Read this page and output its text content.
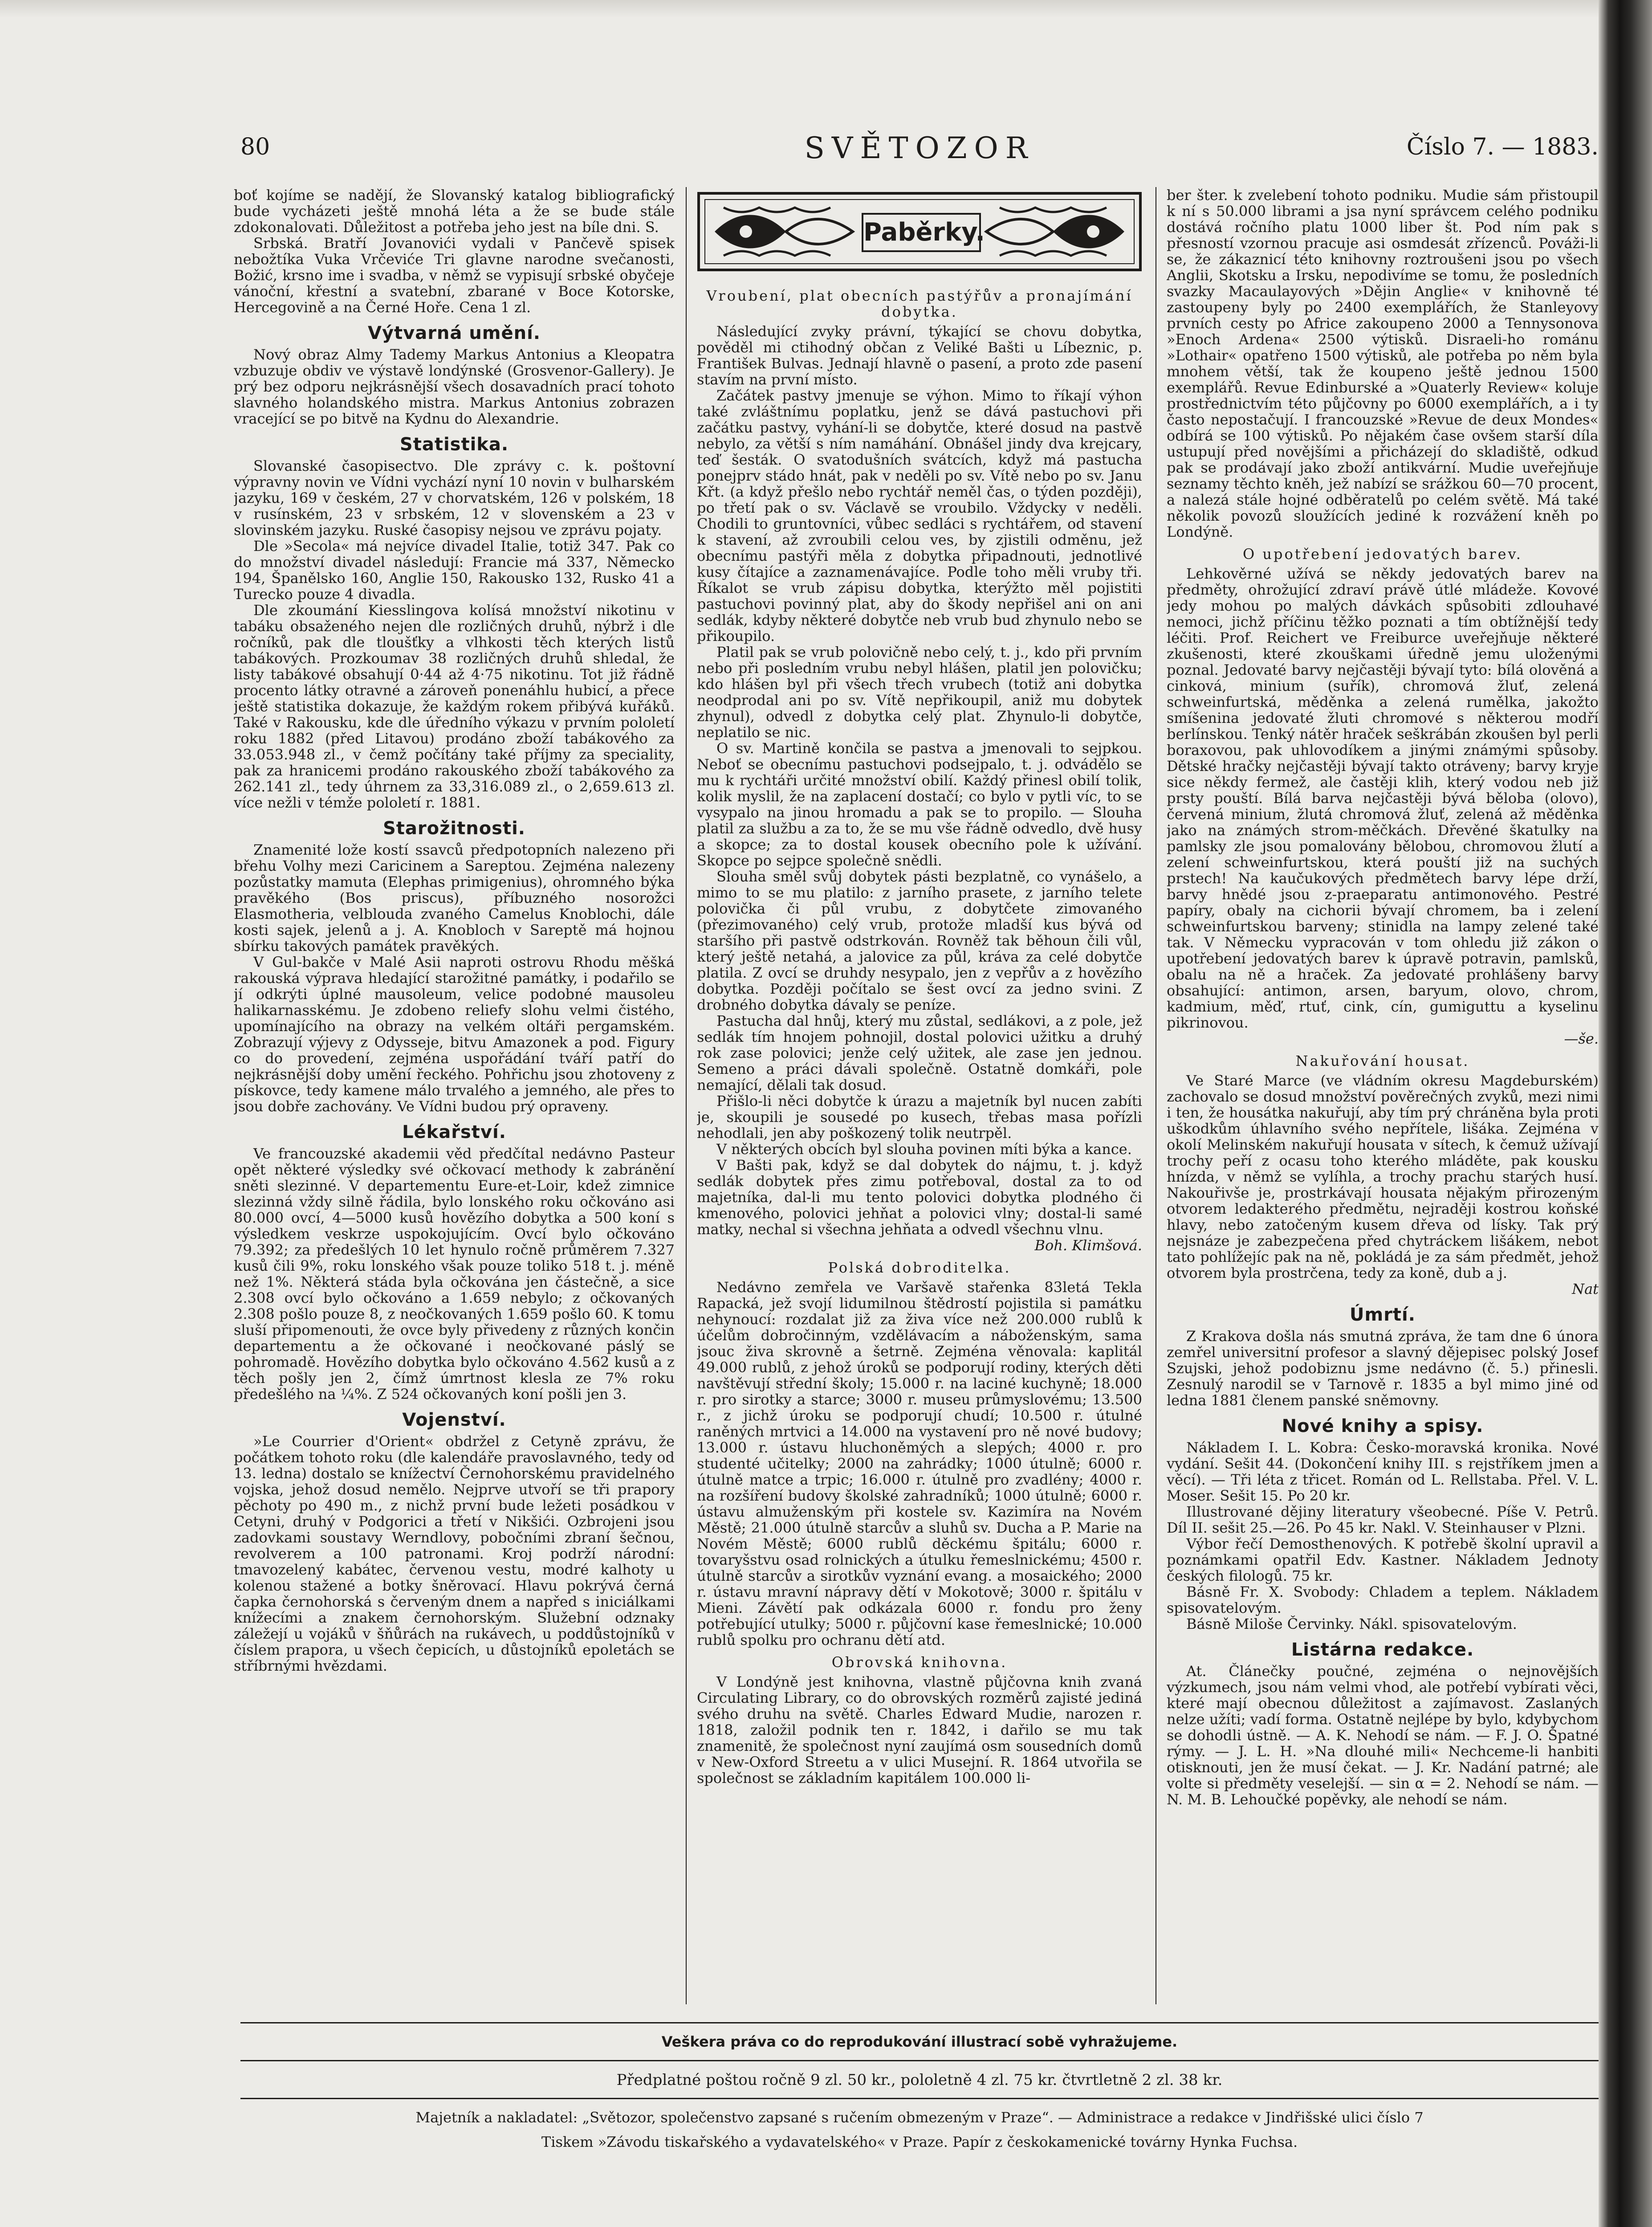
80	SVĚTOZOR	Číslo 7. — 1883.

boť kojíme se nadějí, že Slovanský katalog bibliografický bude vycházeti ještě mnohá léta a že se bude stále zdokonalovati. Důležitost a potřeba jeho jest na bíle dni. S.

Srbská. Bratří Jovanovići vydali v Pančevě spisek nebožtíka Vuka Vrčeviće Tri glavne narodne svečanosti, Božić, krsno ime i svadba, v němž se vypisují srbské obyčeje vánoční, křestní a svatební, zbarané v Boce Kotorske, Hercegovině a na Černé Hoře. Cena 1 zl.

Výtvarná umění.

Nový obraz Almy Tademy Markus Antonius a Kleopatra vzbuzuje obdiv ve výstavě londýnské (Grosvenor-Gallery). Je prý bez odporu nejkrásnější všech dosavadních prací tohoto slavného holandského mistra. Markus Antonius zobrazen vracející se po bitvě na Kydnu do Alexandrie.

Statistika.

Slovanské časopisectvo. Dle zprávy c. k. poštovní výpravny novin ve Vídni vychází nyní 10 novin v bulharském jazyku, 169 v českém, 27 v chorvatském, 126 v polském, 18 v rusínském, 23 v srbském, 12 v slovenském a 23 v slovinském jazyku. Ruské časopisy nejsou ve zprávu pojaty.

Dle »Secola« má nejvíce divadel Italie, totiž 347. Pak co do množství divadel následují: Francie má 337, Německo 194, Španělsko 160, Anglie 150, Rakousko 132, Rusko 41 a Turecko pouze 4 divadla.

Dle zkoumání Kiesslingova kolísá množství nikotinu v tabáku obsaženého nejen dle rozličných druhů, nýbrž i dle ročníků, pak dle tloušťky a vlhkosti těch kterých listů tabákových. Prozkoumav 38 rozličných druhů shledal, že listy tabákové obsahují 0·44 až 4·75 nikotinu. Tot již řádně procento látky otravné a zároveň ponenáhlu hubicí, a přece ještě statistika dokazuje, že každým rokem přibývá kuřáků. Také v Rakousku, kde dle úředního výkazu v prvním pololetí roku 1882 (před Litavou) prodáno zboží tabákového za 33.053.948 zl., v čemž počítány také příjmy za speciality, pak za hranicemi prodáno rakouského zboží tabákového za 262.141 zl., tedy úhrnem za 33,316.089 zl., o 2,659.613 zl. více nežli v témže pololetí r. 1881.

Starožitnosti.

Znamenité lože kostí ssavců předpotopních nalezeno při břehu Volhy mezi Caricinem a Sareptou. Zejména nalezeny pozůstatky mamuta (Elephas primigenius), ohromného býka pravěkého (Bos priscus), příbuzného nosorožci Elasmotheria, velblouda zvaného Camelus Knoblochi, dále kosti sajek, jelenů a j. A. Knobloch v Sareptě má hojnou sbírku takových památek pravěkých.

V Gul-bakče v Malé Asii naproti ostrovu Rhodu měšká rakouská výprava hledající starožitné památky, i podařilo se jí odkrýti úplné mausoleum, velice podobné mausoleu halikarnasskému. Je zdobeno reliefy slohu velmi čistého, upomínajícího na obrazy na velkém oltáři pergamském. Zobrazují výjevy z Odysseje, bitvu Amazonek a pod. Figury co do provedení, zejména uspořádání tváří patří do nejkrásnější doby umění řeckého. Pohřichu jsou zhotoveny z pískovce, tedy kamene málo trvalého a jemného, ale přes to jsou dobře zachovány. Ve Vídni budou prý opraveny.

Lékařství.

Ve francouzské akademii věd předčítal nedávno Pasteur opět některé výsledky své očkovací methody k zabránění sněti slezinné. V departementu Eure-et-Loir, kdež zimnice slezinná vždy silně řádila, bylo lonského roku očkováno asi 80.000 ovcí, 4—5000 kusů hovězího dobytka a 500 koní s výsledkem veskrze uspokojujícím. Ovcí bylo očkováno 79.392; za předešlých 10 let hynulo ročně průměrem 7.327 kusů čili 9%, roku lonského však pouze toliko 518 t. j. méně než 1%. Některá stáda byla očkována jen částečně, a sice 2.308 ovcí bylo očkováno a 1.659 nebylo; z očkovaných 2.308 pošlo pouze 8, z neočkovaných 1.659 pošlo 60. K tomu sluší připomenouti, že ovce byly přivedeny z různých končin departementu a že očkované i neočkované páslý se pohromadě. Hovězího dobytka bylo očkováno 4.562 kusů a z těch pošly jen 2, čímž úmrtnost klesla ze 7% roku předešlého na ¼%. Z 524 očkovaných koní pošli jen 3.

Vojenství.

»Le Courrier d'Orient« obdržel z Cetyně zprávu, že počátkem tohoto roku (dle kalendáře pravoslavného, tedy od 13. ledna) dostalo se knížectví Černohorskému pravidelného vojska, jehož dosud nemělo. Nejprve utvoří se tři prapory pěchoty po 490 m., z nichž první bude ležeti posádkou v Cetyni, druhý v Podgorici a třetí v Nikšići. Ozbrojeni jsou zadovkami soustavy Werndlovy, pobočními zbraní šečnou, revolverem a 100 patronami. Kroj podrží národní: tmavozelený kabátec, červenou vestu, modré kalhoty u kolenou stažené a botky šněrovací. Hlavu pokrývá černá čapka černohorská s červeným dnem a napřed s iniciálkami knížecími a znakem černohorským. Služební odznaky záležejí u vojáků v šňůrách na rukávech, u poddůstojníků v číslem prapora, u všech čepicích, u důstojníků epoletách se stříbrnými hvězdami.

Paběrky.
Vroubení, plat obecních pastýřův a pronajímání dobytka.

Následující zvyky právní, týkající se chovu dobytka, pověděl mi ctihodný občan z Veliké Bašti u Líbeznic, p. František Bulvas. Jednají hlavně o pasení, a proto zde pasení stavím na první místo.

Začátek pastvy jmenuje se výhon. Mimo to říkají výhon také zvláštnímu poplatku, jenž se dává pastuchovi při začátku pastvy, vyhání-li se dobytče, které dosud na pastvě nebylo, za větší s ním namáhání. Obnášel jindy dva krejcary, teď šesták. O svatodušních svátcích, když má pastucha ponejprv stádo hnát, pak v neděli po sv. Vítě nebo po sv. Janu Křt. (a když přešlo nebo rychtář neměl čas, o týden později), po třetí pak o sv. Václavě se vroubilo. Vždycky v neděli. Chodili to gruntovníci, vůbec sedláci s rychtářem, od stavení k stavení, až zvroubili celou ves, by zjistili odměnu, jež obecnímu pastýři měla z dobytka připadnouti, jednotlivé kusy čítajíce a zaznamenávajíce. Podle toho měli vruby tři. Říkalot se vrub zápisu dobytka, kterýžto měl pojistiti pastuchovi povinný plat, aby do škody nepřišel ani on ani sedlák, kdyby některé dobytče neb vrub bud zhynulo nebo se přikoupilo.

Platil pak se vrub polovičně nebo celý, t. j., kdo při prvním nebo při posledním vrubu nebyl hlášen, platil jen polovičku; kdo hlášen byl při všech třech vrubech (totiž ani dobytka neodprodal ani po sv. Vítě nepřikoupil, aniž mu dobytek zhynul), odvedl z dobytka celý plat. Zhynulo-li dobytče, neplatilo se nic.

O sv. Martině končila se pastva a jmenovali to sejpkou. Neboť se obecnímu pastuchovi podsejpalo, t. j. odvádělo se mu k rychtáři určité množství obilí. Každý přinesl obilí tolik, kolik myslil, že na zaplacení dostačí; co bylo v pytli víc, to se vysypalo na jinou hromadu a pak se to propilo. — Slouha platil za službu a za to, že se mu vše řádně odvedlo, dvě husy a skopce; za to dostal kousek obecního pole k užívání. Skopce po sejpce společně snědli.

Slouha směl svůj dobytek pásti bezplatně, co vynášelo, a mimo to se mu platilo: z jarního prasete, z jarního telete polovička či půl vrubu, z dobytčete zimovaného (přezimovaného) celý vrub, protože mladší kus bývá od staršího při pastvě odstrkován. Rovněž tak běhoun čili vůl, který ještě netahá, a jalovice za půl, kráva za celé dobytče platila. Z ovcí se druhdy nesypalo, jen z vepřův a z hovězího dobytka. Později počítalo se šest ovcí za jedno svini. Z drobného dobytka dávaly se peníze.

Pastucha dal hnůj, který mu zůstal, sedlákovi, a z pole, jež sedlák tím hnojem pohnojil, dostal polovici užitku a druhý rok zase polovici; jenže celý užitek, ale zase jen jednou. Semeno a práci dávali společně. Ostatně domkáři, pole nemající, dělali tak dosud.

Přišlo-li něci dobytče k úrazu a majetník byl nucen zabíti je, skoupili je sousedé po kusech, třebas masa pořízli nehodlali, jen aby poškozený tolik neutrpěl.

V některých obcích byl slouha povinen míti býka a kance.

V Bašti pak, když se dal dobytek do nájmu, t. j. když sedlák dobytek přes zimu potřeboval, dostal za to od majetníka, dal-li mu tento polovici dobytka plodného či kmenového, polovici jehňat a polovici vlny; dostal-li samé matky, nechal si všechna jehňata a odvedl všechnu vlnu.

Boh. Klimšová.

Polská dobroditelka.

Nedávno zemřela ve Varšavě stařenka 83letá Tekla Rapacká, jež svojí lidumilnou štědrostí pojistila si památku nehynoucí: rozdalat již za živa více než 200.000 rublů k účelům dobročinným, vzdělávacím a náboženským, sama jsouc živa skrovně a šetrně. Zejména věnovala: kaplitál 49.000 rublů, z jehož úroků se podporují rodiny, kterých děti navštěvují střední školy; 15.000 r. na laciné kuchyně; 18.000 r. pro sirotky a starce; 3000 r. museu průmyslovému; 13.500 r., z jichž úroku se podporují chudí; 10.500 r. útulné raněných mrtvici a 14.000 na vystavení pro ně nové budovy; 13.000 r. ústavu hluchoněmých a slepých; 4000 r. pro studenté učitelky; 2000 na zahrádky; 1000 útulně; 6000 r. útulně matce a trpic; 16.000 r. útulně pro zvadlény; 4000 r. na rozšíření budovy školské zahradníků; 1000 útulně; 6000 r. ústavu almuženským při kostele sv. Kazimíra na Novém Městě; 21.000 útulně starcův a sluhů sv. Ducha a P. Marie na Novém Městě; 6000 rublů děckému špitálu; 6000 r. tovaryšstvu osad rolnických a útulku řemeslnickému; 4500 r. útulně starcův a sirotkův vyznání evang. a mosaického; 2000 r. ústavu mravní nápravy dětí v Mokotově; 3000 r. špitálu v Mieni. Závětí pak odkázala 6000 r. fondu pro ženy potřebující utulky; 5000 r. půjčovní kase řemeslnické; 10.000 rublů spolku pro ochranu dětí atd.

Obrovská knihovna.

V Londýně jest knihovna, vlastně půjčovna knih zvaná Circulating Library, co do obrovských rozměrů zajisté jediná svého druhu na světě. Charles Edward Mudie, narozen r. 1818, založil podnik ten r. 1842, i dařilo se mu tak znamenitě, že společnost nyní zaujímá osm sousedních domů v New-Oxford Streetu a v ulici Musejní. R. 1864 utvořila se společnost se základním kapitálem 100.000 li-

ber šter. k zvelebení tohoto podniku. Mudie sám přistoupil k ní s 50.000 librami a jsa nyní správcem celého podniku dostává ročního platu 1000 liber št. Pod ním pak s přesností vzornou pracuje asi osmdesát zřízenců. Pováži-li se, že zákaznicí této knihovny roztroušeni jsou po všech Anglii, Skotsku a Irsku, nepodivíme se tomu, že posledních svazky Macaulayových »Dějin Anglie« v knihovně té zastoupeny byly po 2400 exemplářích, že Stanleyovy prvních cesty po Africe zakoupeno 2000 a Tennysonova »Enoch Ardena« 2500 výtisků. Disraeli-ho románu »Lothair« opatřeno 1500 výtisků, ale potřeba po něm byla mnohem větší, tak že koupeno ještě jednou 1500 exemplářů. Revue Edinburské a »Quaterly Review« koluje prostřednictvím této půjčovny po 6000 exemplářích, a i ty často nepostačují. I francouzské »Revue de deux Mondes« odbírá se 100 výtisků. Po nějakém čase ovšem starší díla ustupují před novějšími a přicházejí do skladiště, odkud pak se prodávají jako zboží antikvární. Mudie uveřejňuje seznamy těchto kněh, jež nabízí se srážkou 60—70 procent, a nalezá stále hojné odběratelů po celém světě. Má také několik povozů sloužících jediné k rozvážení kněh po Londýně.

O upotřebení jedovatých barev.

Lehkověrné užívá se někdy jedovatých barev na předměty, ohrožující zdraví právě útlé mládeže. Kovové jedy mohou po malých dávkách spůsobiti zdlouhavé nemoci, jichž příčinu těžko poznati a tím obtížnější tedy léčiti. Prof. Reichert ve Freiburce uveřejňuje některé zkušenosti, které zkouškami úředně jemu uloženými poznal. Jedovaté barvy nejčastěji bývají tyto: bílá olověná a cinková, minium (suřík), chromová žluť, zelená schweinfurtská, měděnka a zelená rumělka, jakožto smíšenina jedovaté žluti chromové s některou modří berlínskou. Tenký nátěr hraček seškrábán zkoušen byl perli boraxovou, pak uhlovodíkem a jinými známými spůsoby. Dětské hračky nejčastěji bývají takto otráveny; barvy kryje sice někdy fermež, ale častěji klih, který vodou neb již prsty pouští. Bílá barva nejčastěji bývá běloba (olovo), červená minium, žlutá chromová žluť, zelená až měděnka jako na známých strom-měčkách. Dřevěné škatulky na pamlsky zle jsou pomalovány bělobou, chromovou žlutí a zelení schweinfurtskou, která pouští již na suchých prstech! Na kaučukových předmětech barvy lépe drží, barvy hnědé jsou z-praeparatu antimonového. Pestré papíry, obaly na cichorii bývají chromem, ba i zelení schweinfurtskou barveny; stinidla na lampy zelené také tak. V Německu vypracován v tom ohledu již zákon o upotřebení jedovatých barev k úpravě potravin, pamlsků, obalu na ně a hraček. Za jedovaté prohlášeny barvy obsahující: antimon, arsen, baryum, olovo, chrom, kadmium, měď, rtuť, cink, cín, gumiguttu a kyselinu pikrinovou.

—še.

Nakuřování housat.

Ve Staré Marce (ve vládním okresu Magdeburském) zachovalo se dosud množství pověrečných zvyků, mezi nimi i ten, že housátka nakuřují, aby tím prý chráněna byla proti uškodkům úhlavního svého nepřítele, lišáka. Zejména v okolí Melinském nakuřují housata v sítech, k čemuž užívají trochy peří z ocasu toho kterého mláděte, pak kousku hnízda, v němž se vylíhla, a trochy prachu starých husí. Nakouřivše je, prostrkávají housata nějakým přirozeným otvorem ledakterého předmětu, nejraději kostrou koňské hlavy, nebo zatočeným kusem dřeva od lísky. Tak prý nejsnáze je zabezpečena před chytráckem lišákem, nebot tato pohlížejíc pak na ně, pokládá je za sám předmět, jehož otvorem byla prostrčena, tedy za koně, dub a j.

Nat

Úmrtí.

Z Krakova došla nás smutná zpráva, že tam dne 6 února zemřel universitní profesor a slavný dějepisec polský Josef Szujski, jehož podobiznu jsme nedávno (č. 5.) přinesli. Zesnulý narodil se v Tarnově r. 1835 a byl mimo jiné od ledna 1881 členem panské sněmovny.

Nové knihy a spisy.

Nákladem I. L. Kobra: Česko-moravská kronika. Nové vydání. Sešit 44. (Dokončení knihy III. s rejstříkem jmen a věcí). — Tři léta z třicet. Román od L. Rellstaba. Přel. V. L. Moser. Sešit 15. Po 20 kr.

Illustrované dějiny literatury všeobecné. Píše V. Petrů. Díl II. sešit 25.—26. Po 45 kr. Nakl. V. Steinhauser v Plzni.

Výbor řečí Demosthenových. K potřebě školní upravil a poznámkami opatřil Edv. Kastner. Nákladem Jednoty českých filologů. 75 kr.

Básně Fr. X. Svobody: Chladem a teplem. Nákladem spisovatelovým.

Básně Miloše Červinky. Nákl. spisovatelovým.

Listárna redakce.

At. Článečky poučné, zejména o nejnovějších výzkumech, jsou nám velmi vhod, ale potřebí vybírati věci, které mají obecnou důležitost a zajímavost. Zaslaných nelze užíti; vadí forma. Ostatně nejlépe by bylo, kdybychom se dohodli ústně. — A. K. Nehodí se nám. — F. J. O. Špatné rýmy. — J. L. H. »Na dlouhé mili« Nechceme-li hanbiti otisknouti, jen že musí čekat. — J. Kr. Nadání patrné; ale volte si předměty veselejší. — sin α = 2. Nehodí se nám. — N. M. B. Lehoučké popěvky, ale nehodí se nám.

Veškera práva co do reprodukování illustrací sobě vyhražujeme.
Předplatné poštou ročně 9 zl. 50 kr., pololetně 4 zl. 75 kr. čtvrtletně 2 zl. 38 kr.
Majetník a nakladatel: „Světozor, společenstvo zapsané s ručením obmezeným v Praze“. — Administrace a redakce v Jindřišské ulici číslo 7
Tiskem »Závodu tiskařského a vydavatelského« v Praze. Papír z českokamenické továrny Hynka Fuchsa.
